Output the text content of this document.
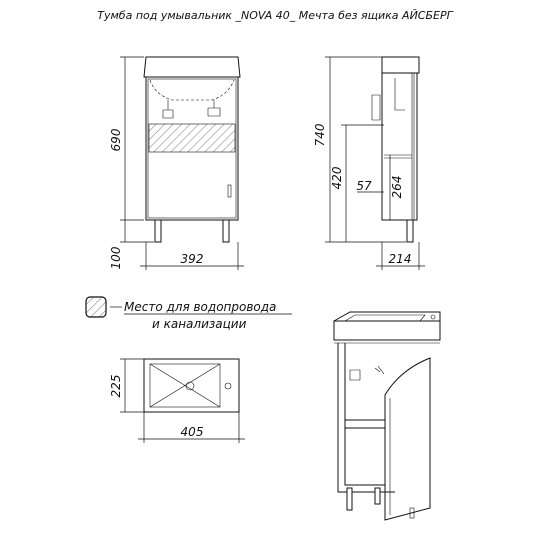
Тумба под умывальник _NOVA 40_ Мечта без ящика АЙСБЕРГ
690
100	392
740
420 57 264
214
Место для водопровода
и канализации
225
405
